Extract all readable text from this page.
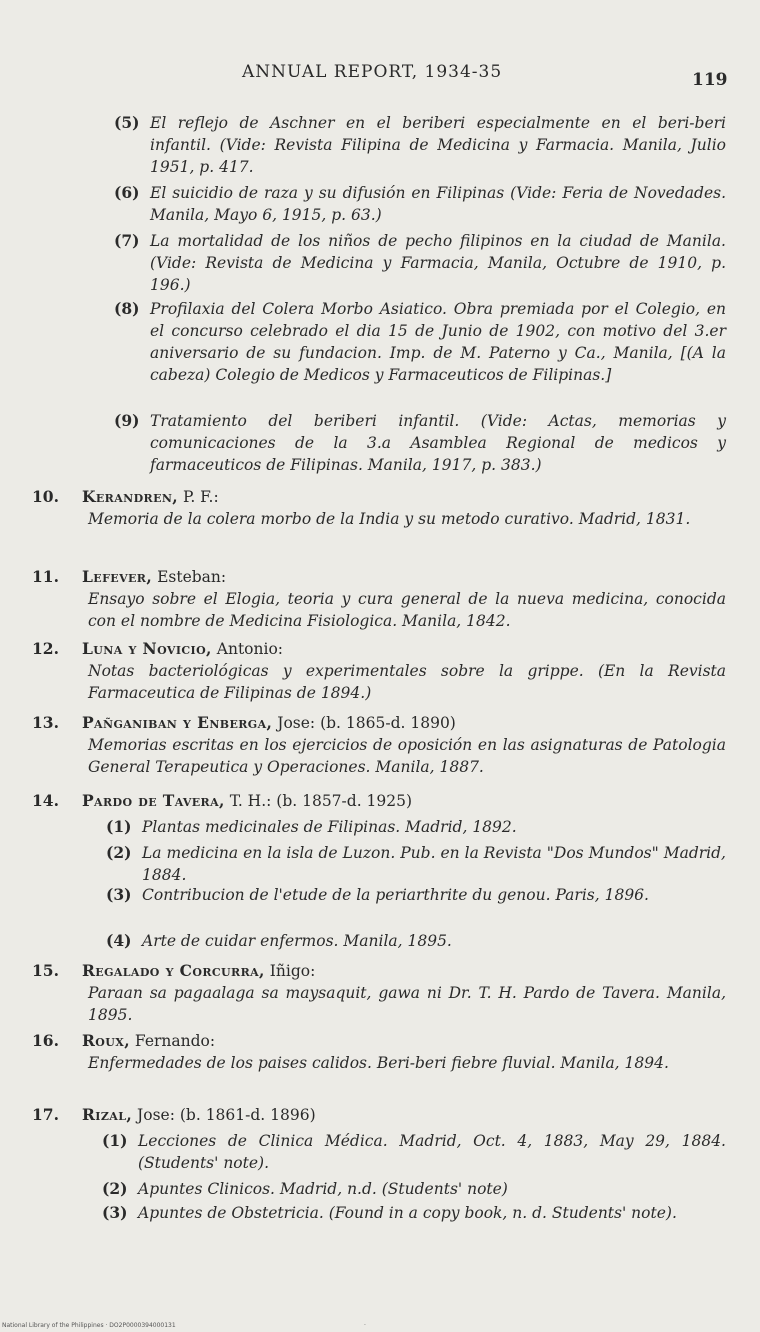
ANNUAL REPORT, 1934-35	119
(5) El reflejo de Aschner en el beriberi especialmente en el beri-beri infantil. (Vide: Revista Filipina de Medicina y Farmacia. Manila, Julio 1951, p. 417.
(6) El suicidio de raza y su difusión en Filipinas (Vide: Feria de Novedades. Manila, Mayo 6, 1915, p. 63.)
(7) La mortalidad de los niños de pecho filipinos en la ciudad de Manila. (Vide: Revista de Medicina y Farmacia, Manila, Octubre de 1910, p. 196.)
(8) Profilaxia del Colera Morbo Asiatico. Obra premiada por el Colegio, en el concurso celebrado el dia 15 de Junio de 1902, con motivo del 3.er aniversario de su fundacion. Imp. de M. Paterno y Ca., Manila, [(A la cabeza) Colegio de Medicos y Farmaceuticos de Filipinas.]
(9) Tratamiento del beriberi infantil. (Vide: Actas, memorias y comunicaciones de la 3.a Asamblea Regional de medicos y farmaceuticos de Filipinas. Manila, 1917, p. 383.)
10. Kerandren, P. F.:
Memoria de la colera morbo de la India y su metodo curativo. Madrid, 1831.
11. Lefever, Esteban:
Ensayo sobre el Elogia, teoria y cura general de la nueva medicina, conocida con el nombre de Medicina Fisiologica. Manila, 1842.
12. Luna y Novicio, Antonio:
Notas bacteriológicas y experimentales sobre la grippe. (En la Revista Farmaceutica de Filipinas de 1894.)
13. Pañganiban y Enberga, Jose: (b. 1865-d. 1890)
Memorias escritas en los ejercicios de oposición en las asignaturas de Patologia General Terapeutica y Operaciones. Manila, 1887.
14. Pardo de Tavera, T. H.: (b. 1857-d. 1925)
(1) Plantas medicinales de Filipinas. Madrid, 1892.
(2) La medicina en la isla de Luzon. Pub. en la Revista "Dos Mundos" Madrid, 1884.
(3) Contribucion de l'etude de la periarthrite du genou. Paris, 1896.
(4) Arte de cuidar enfermos. Manila, 1895.
15. Regalado y Corcurra, Iñigo:
Paraan sa pagaalaga sa maysaquit, gawa ni Dr. T. H. Pardo de Tavera. Manila, 1895.
16. Roux, Fernando:
Enfermedades de los paises calidos. Beri-beri fiebre fluvial. Manila, 1894.
17. Rizal, Jose: (b. 1861-d. 1896)
(1) Lecciones de Clinica Médica. Madrid, Oct. 4, 1883, May 29, 1884. (Students' note).
(2) Apuntes Clinicos. Madrid, n.d. (Students' note)
(3) Apuntes de Obstetricia. (Found in a copy book, n. d. Students' note).
National Library of the Philippines · DO2P0000394000131	·
